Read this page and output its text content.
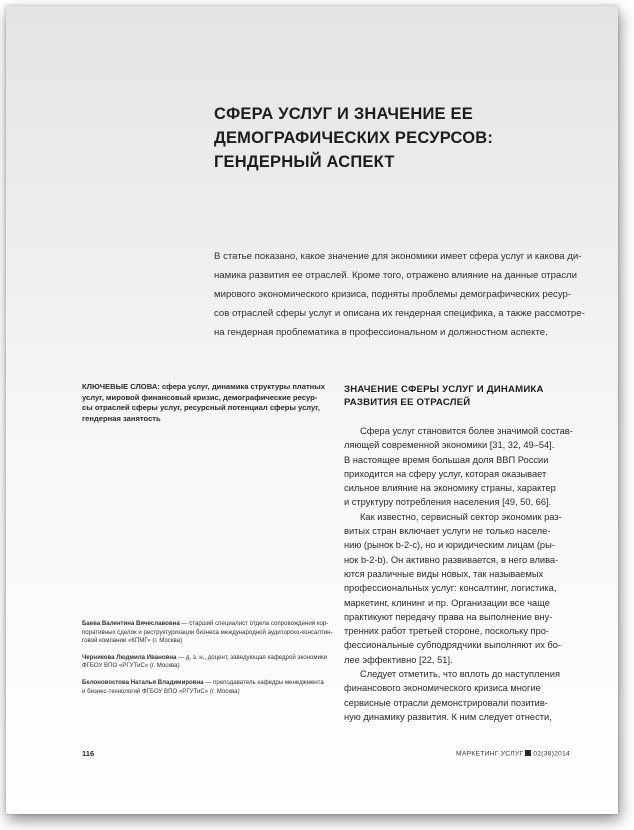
СФЕРА УСЛУГ И ЗНАЧЕНИЕ ЕЕ
ДЕМОГРАФИЧЕСКИХ РЕСУРСОВ:
ГЕНДЕРНЫЙ АСПЕКТ
В статье показано, какое значение для экономики имеет сфера услуг и какова ди-
намика развития ее отраслей. Кроме того, отражено влияние на данные отрасли
мирового экономического кризиса, подняты проблемы демографических ресур-
сов отраслей сферы услуг и описана их гендерная специфика, а также рассмотре-
на гендерная проблематика в профессиональном и должностном аспекте.
КЛЮЧЕВЫЕ СЛОВА: сфера услуг, динамика структуры платных
услуг, мировой финансовый кризис, демографические ресур-
сы отраслей сферы услуг, ресурсный потенциал сферы услуг,
гендерная занятость
Баева Валентина Вячеславовна — старший специалист отдела сопровождения кор-
поративных сделок и реструктуризации бизнеса международной аудиторско-консалтин-
говой компании «КПМГ» (г. Москва)
Черникова Людмила Ивановна — д. э. н., доцент, заведующая кафедрой экономики
ФГБОУ ВПО «РГУТиС» (г. Москва)
Белоновостова Наталья Владимировна — преподаватель кафедры менеджмента
и бизнес-технологий ФГБОУ ВПО «РГУТиС» (г. Москва)
ЗНАЧЕНИЕ СФЕРЫ УСЛУГ И ДИНАМИКА
РАЗВИТИЯ ЕЕ ОТРАСЛЕЙ
Сфера услуг становится более значимой состав-
ляющей современной экономики [31, 32, 49–54].
В настоящее время большая доля ВВП России
приходится на сферу услуг, которая оказывает
сильное влияние на экономику страны, характер
и структуру потребления населения [49, 50, 66].
Как известно, сервисный сектор экономик раз-
витых стран включает услуги не только населе-
нию (рынок b-2-c), но и юридическим лицам (ры-
нок b-2-b). Он активно развивается, в него влива-
ются различные виды новых, так называемых
профессиональных услуг: консалтинг, логистика,
маркетинг, клининг и пр. Организации все чаще
практикуют передачу права на выполнение вну-
тренних работ третьей стороне, поскольку про-
фессиональные субподрядчики выполняют их бо-
лее эффективно [22, 51].
Следует отметить, что вплоть до наступления
финансового экономического кризиса многие
сервисные отрасли демонстрировали позитив-
ную динамику развития. К ним следует отнести,
116	МАРКЕТИНГ УСЛУГ 02(38)2014
